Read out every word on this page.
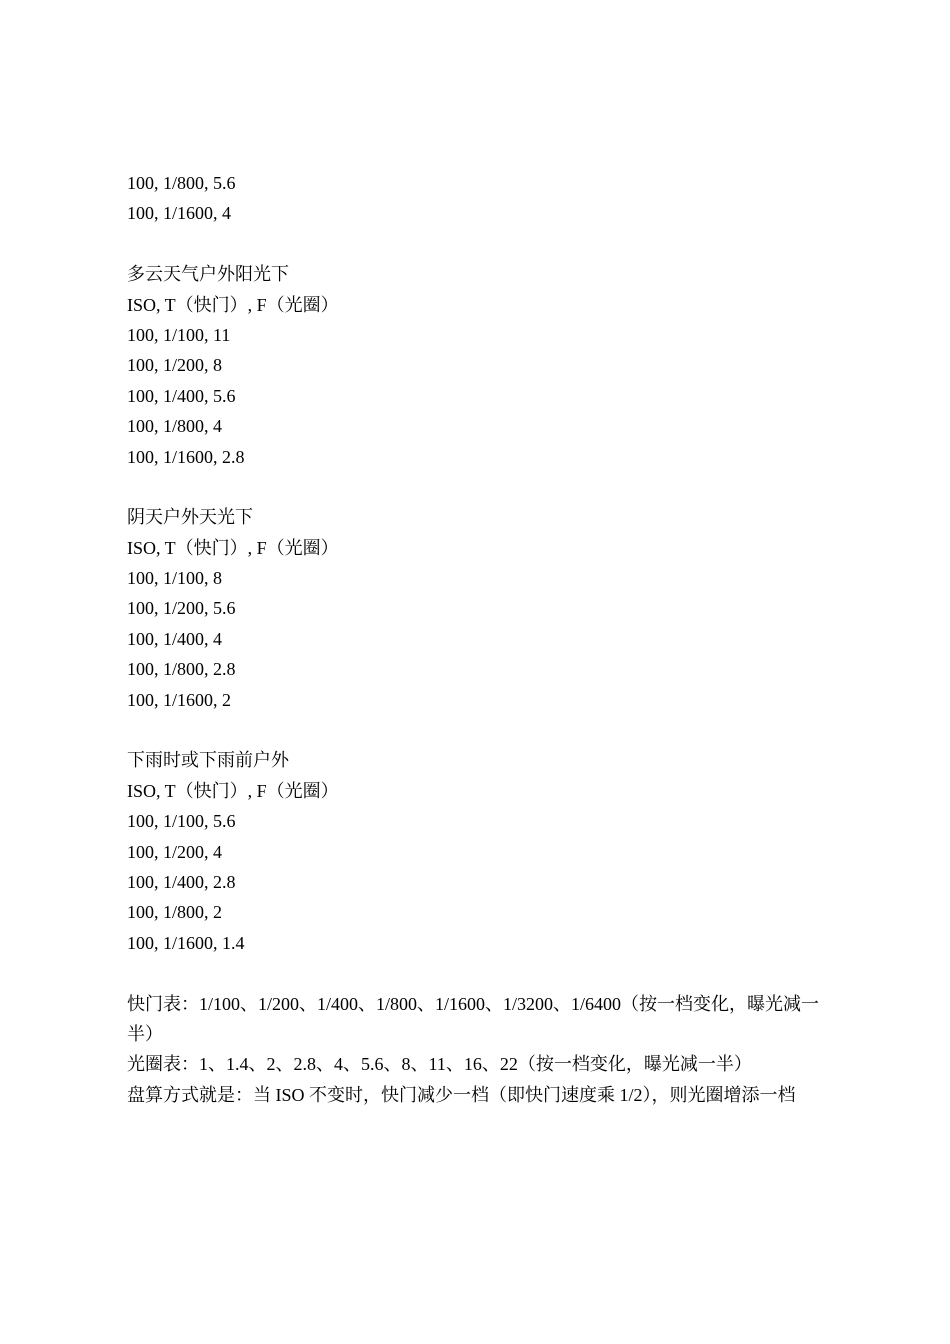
100, 1/800, 5.6
100, 1/1600, 4
多云天气户外阳光下
ISO, T（快门）, F（光圈）
100, 1/100, 11
100, 1/200, 8
100, 1/400, 5.6
100, 1/800, 4
100, 1/1600, 2.8
阴天户外天光下
ISO, T（快门）, F（光圈）
100, 1/100, 8
100, 1/200, 5.6
100, 1/400, 4
100, 1/800, 2.8
100, 1/1600, 2
下雨时或下雨前户外
ISO, T（快门）, F（光圈）
100, 1/100, 5.6
100, 1/200, 4
100, 1/400, 2.8
100, 1/800, 2
100, 1/1600, 1.4
快门表：1/100、1/200、1/400、1/800、1/1600、1/3200、1/6400（按一档变化，曝光减一半）
光圈表：1、1.4、2、2.8、4、5.6、8、11、16、22（按一档变化，曝光减一半）
盘算方式就是：当 ISO 不变时，快门减少一档（即快门速度乘 1/2），则光圈增添一档
